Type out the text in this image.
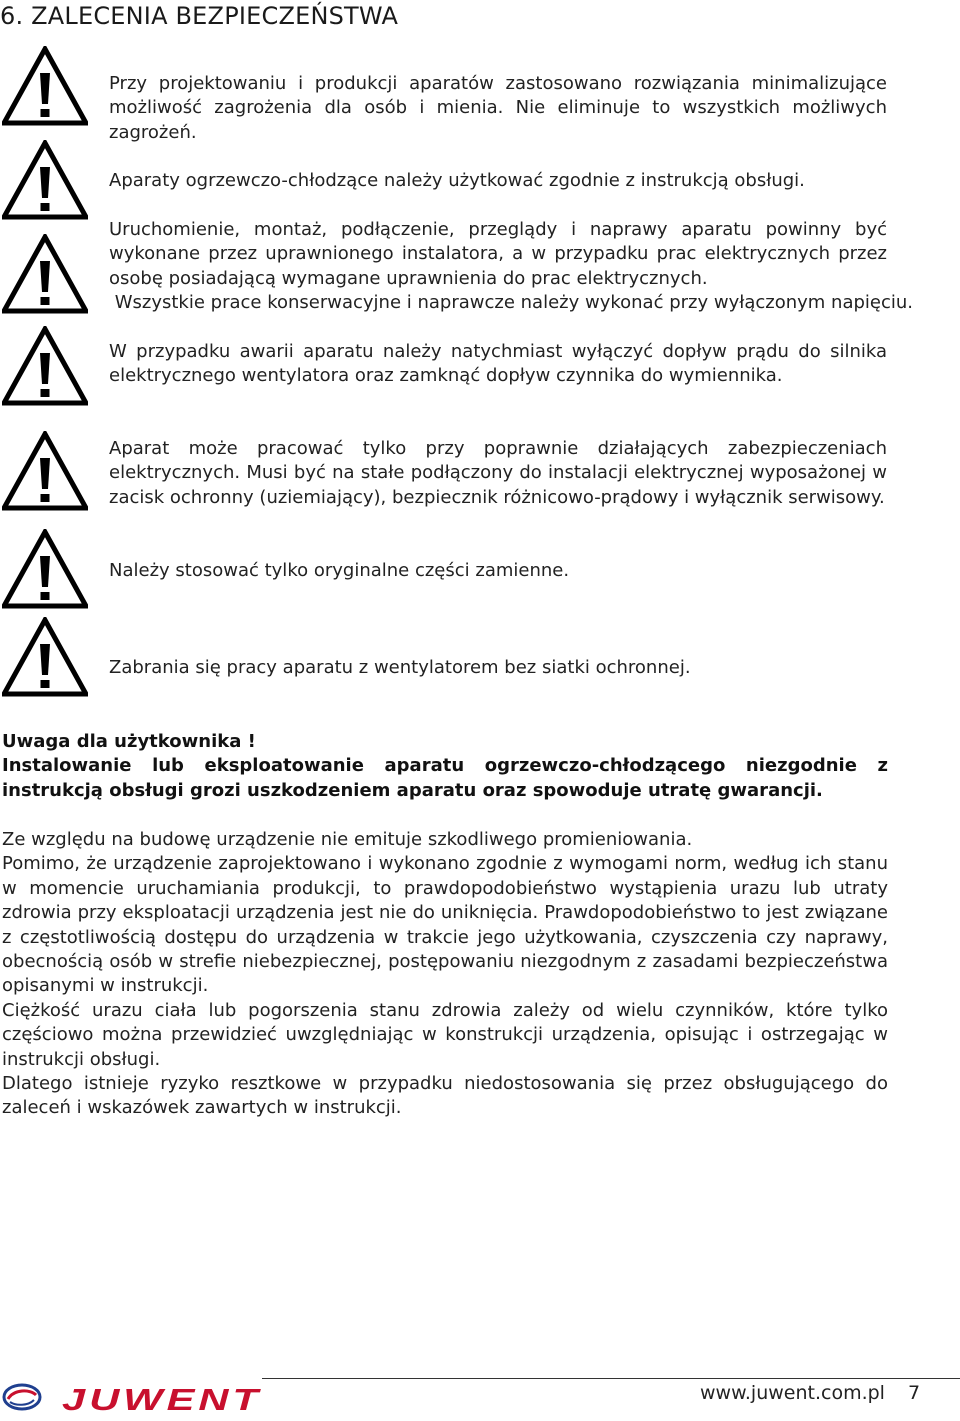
6. ZALECENIA BEZPIECZEŃSTWA

Przy projektowaniu i produkcji aparatów zastosowano rozwiązania minimalizujące możliwość zagrożenia dla osób i mienia. Nie eliminuje to wszystkich możliwych zagrożeń.

Aparaty ogrzewczo-chłodzące należy użytkować zgodnie z instrukcją obsługi.

Uruchomienie, montaż, podłączenie, przeglądy i naprawy aparatu powinny być wykonane przez uprawnionego instalatora, a w przypadku prac elektrycznych przez osobę posiadającą wymagane uprawnienia do prac elektrycznych.
Wszystkie prace konserwacyjne i naprawcze należy wykonać przy wyłączonym napięciu.

W przypadku awarii aparatu należy natychmiast wyłączyć dopływ prądu do silnika elektrycznego wentylatora oraz zamknąć dopływ czynnika do wymiennika.

Aparat może pracować tylko przy poprawnie działających zabezpieczeniach elektrycznych. Musi być na stałe podłączony do instalacji elektrycznej wyposażonej w zacisk ochronny (uziemiający), bezpiecznik różnicowo-prądowy i wyłącznik serwisowy.

Należy stosować tylko oryginalne części zamienne.

Zabrania się pracy aparatu z wentylatorem bez siatki ochronnej.

Uwaga dla użytkownika !
Instalowanie lub eksploatowanie aparatu ogrzewczo-chłodzącego niezgodnie z instrukcją obsługi grozi uszkodzeniem aparatu oraz spowoduje utratę gwarancji.

Ze względu na budowę urządzenie nie emituje szkodliwego promieniowania.

Pomimo, że urządzenie zaprojektowano i wykonano zgodnie z wymogami norm, według ich stanu w momencie uruchamiania produkcji, to prawdopodobieństwo wystąpienia urazu lub utraty zdrowia przy eksploatacji urządzenia jest nie do uniknięcia. Prawdopodobieństwo to jest związane z częstotliwością dostępu do urządzenia w trakcie jego użytkowania, czyszczenia czy naprawy, obecnością osób w strefie niebezpiecznej, postępowaniu niezgodnym z zasadami bezpieczeństwa opisanymi w instrukcji.

Ciężkość urazu ciała lub pogorszenia stanu zdrowia zależy od wielu czynników, które tylko częściowo można przewidzieć uwzględniając w konstrukcji urządzenia, opisując i ostrzegając w instrukcji obsługi.

Dlatego istnieje ryzyko resztkowe w przypadku niedostosowania się przez obsługującego do zaleceń i wskazówek zawartych w instrukcji.

JUWENT	www.juwent.com.pl 7
